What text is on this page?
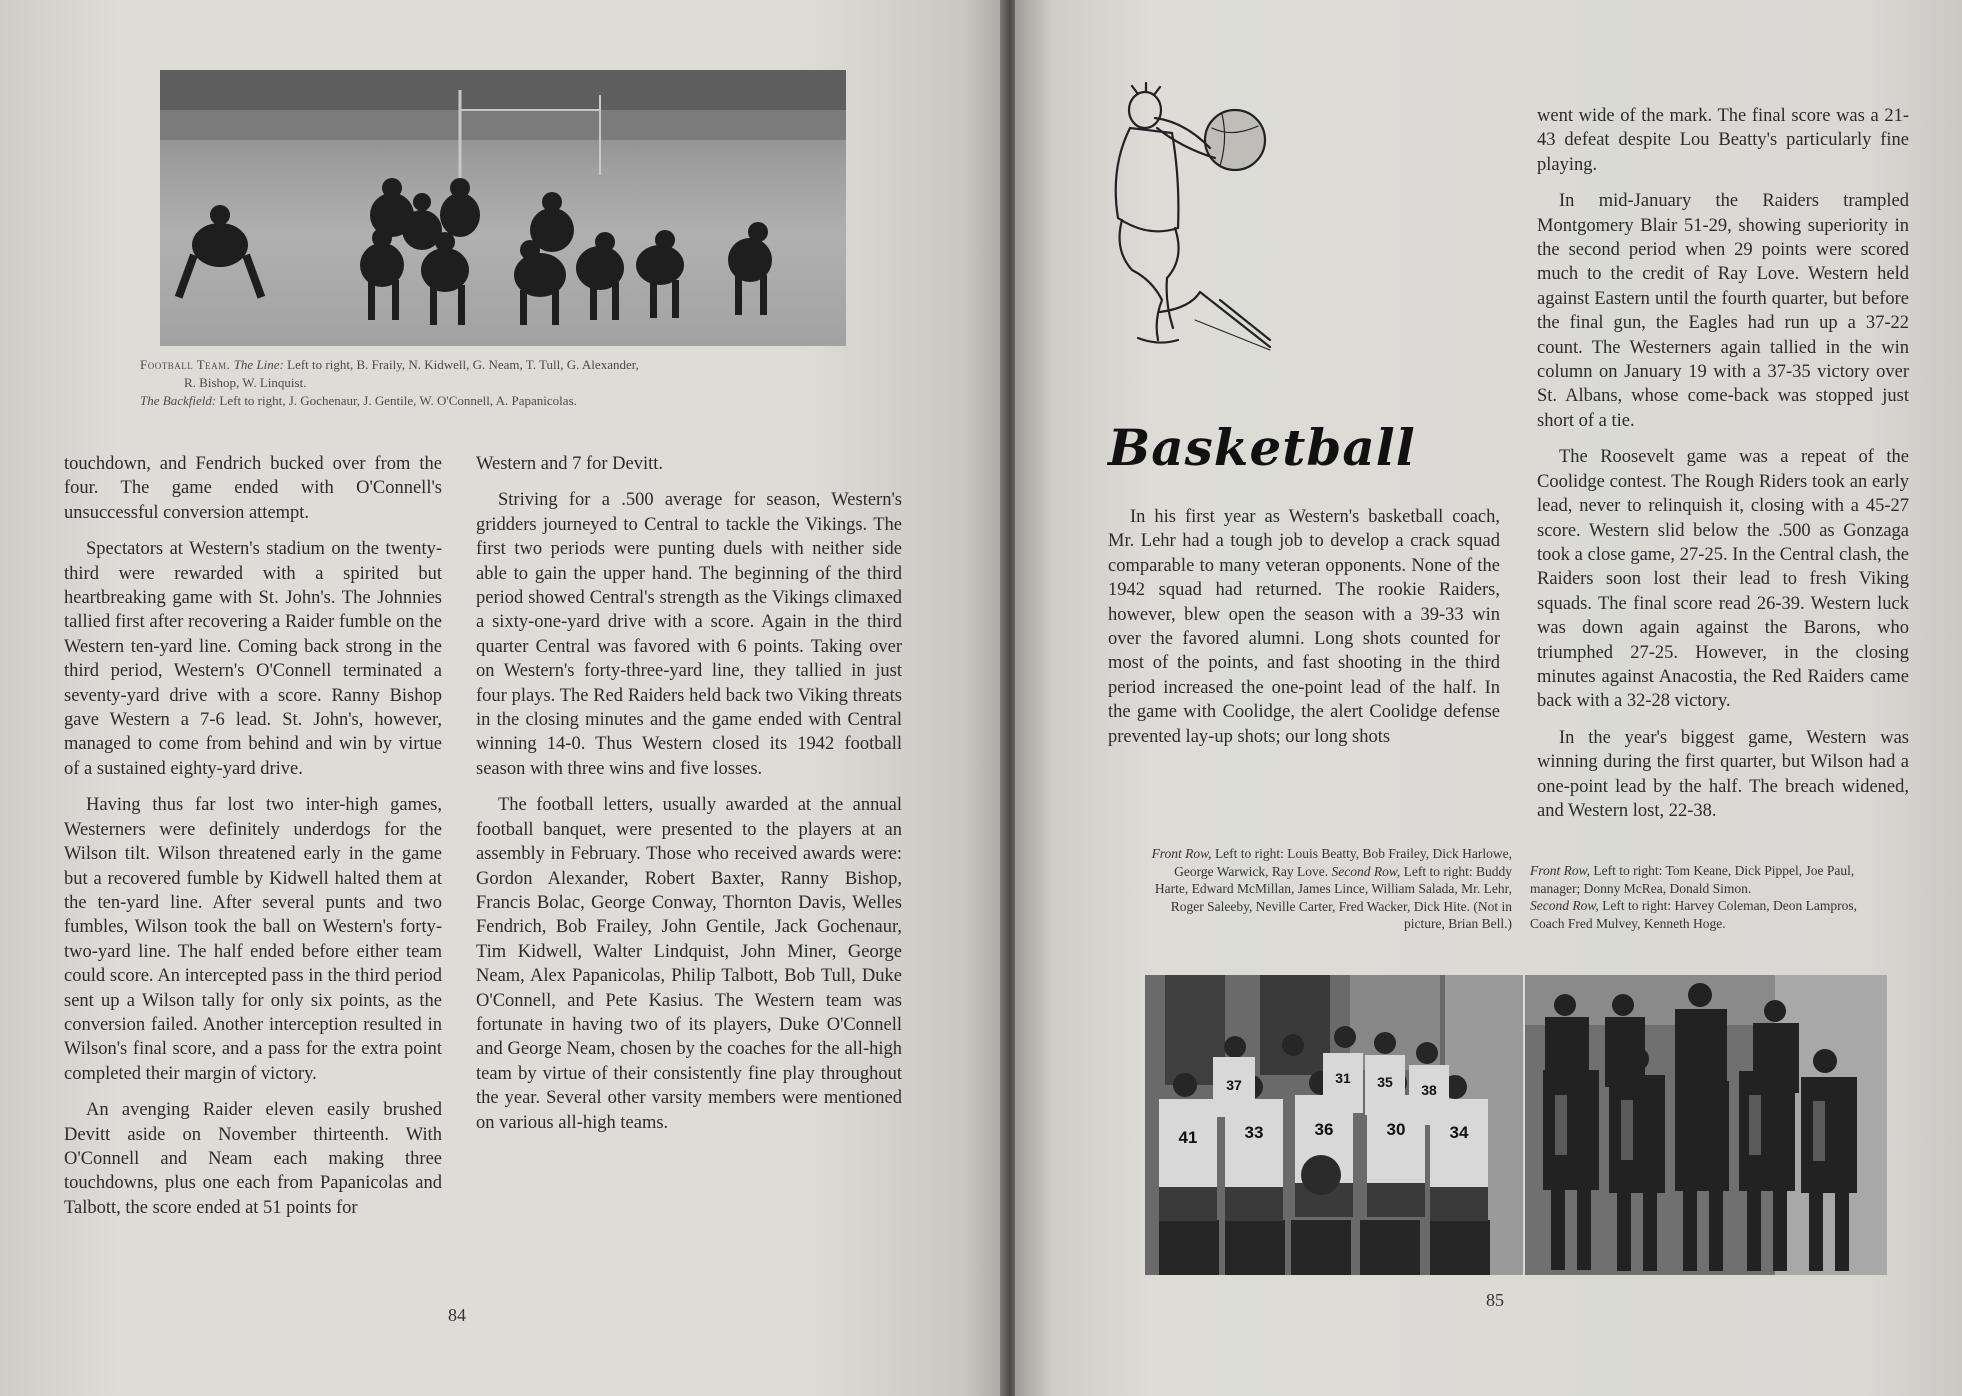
Football Team. The Line: Left to right, B. Fraily, N. Kidwell, G. Neam, T. Tull, G. Alexander,

R. Bishop, W. Linquist.

The Backfield: Left to right, J. Gochenaur, J. Gentile, W. O'Connell, A. Papanicolas.

touchdown, and Fendrich bucked over from the four. The game ended with O'Connell's unsuccessful conversion attempt.

Spectators at Western's stadium on the twenty-third were rewarded with a spirited but heartbreaking game with St. John's. The Johnnies tallied first after recovering a Raider fumble on the Western ten-yard line. Coming back strong in the third period, Western's O'Connell terminated a seventy-yard drive with a score. Ranny Bishop gave Western a 7-6 lead. St. John's, however, managed to come from behind and win by virtue of a sustained eighty-yard drive.

Having thus far lost two inter-high games, Westerners were definitely underdogs for the Wilson tilt. Wilson threatened early in the game but a recovered fumble by Kidwell halted them at the ten-yard line. After several punts and two fumbles, Wilson took the ball on Western's forty-two-yard line. The half ended before either team could score. An intercepted pass in the third period sent up a Wilson tally for only six points, as the conversion failed. Another interception resulted in Wilson's final score, and a pass for the extra point completed their margin of victory.

An avenging Raider eleven easily brushed Devitt aside on November thirteenth. With O'Connell and Neam each making three touchdowns, plus one each from Papanicolas and Talbott, the score ended at 51 points for

Western and 7 for Devitt.

Striving for a .500 average for season, Western's gridders journeyed to Central to tackle the Vikings. The first two periods were punting duels with neither side able to gain the upper hand. The beginning of the third period showed Central's strength as the Vikings climaxed a sixty-one-yard drive with a score. Again in the third quarter Central was favored with 6 points. Taking over on Western's forty-three-yard line, they tallied in just four plays. The Red Raiders held back two Viking threats in the closing minutes and the game ended with Central winning 14-0. Thus Western closed its 1942 football season with three wins and five losses.

The football letters, usually awarded at the annual football banquet, were presented to the players at an assembly in February. Those who received awards were: Gordon Alexander, Robert Baxter, Ranny Bishop, Francis Bolac, George Conway, Thornton Davis, Welles Fendrich, Bob Frailey, John Gentile, Jack Gochenaur, Tim Kidwell, Walter Lindquist, John Miner, George Neam, Alex Papanicolas, Philip Talbott, Bob Tull, Duke O'Connell, and Pete Kasius. The Western team was fortunate in having two of its players, Duke O'Connell and George Neam, chosen by the coaches for the all-high team by virtue of their consistently fine play throughout the year. Several other varsity members were mentioned on various all-high teams.

84
Basketball

In his first year as Western's basketball coach, Mr. Lehr had a tough job to develop a crack squad comparable to many veteran opponents. None of the 1942 squad had returned. The rookie Raiders, however, blew open the season with a 39-33 win over the favored alumni. Long shots counted for most of the points, and fast shooting in the third period increased the one-point lead of the half. In the game with Coolidge, the alert Coolidge defense prevented lay-up shots; our long shots

went wide of the mark. The final score was a 21-43 defeat despite Lou Beatty's particularly fine playing.

In mid-January the Raiders trampled Montgomery Blair 51-29, showing superiority in the second period when 29 points were scored much to the credit of Ray Love. Western held against Eastern until the fourth quarter, but before the final gun, the Eagles had run up a 37-22 count. The Westerners again tallied in the win column on January 19 with a 37-35 victory over St. Albans, whose come-back was stopped just short of a tie.

The Roosevelt game was a repeat of the Coolidge contest. The Rough Riders took an early lead, never to relinquish it, closing with a 45-27 score. Western slid below the .500 as Gonzaga took a close game, 27-25. In the Central clash, the Raiders soon lost their lead to fresh Viking squads. The final score read 26-39. Western luck was down again against the Barons, who triumphed 27-25. However, in the closing minutes against Anacostia, the Red Raiders came back with a 32-28 victory.

In the year's biggest game, Western was winning during the first quarter, but Wilson had a one-point lead by the half. The breach widened, and Western lost, 22-38.

Front Row, Left to right: Louis Beatty, Bob Frailey, Dick Harlowe, George Warwick, Ray Love. Second Row, Left to right: Buddy Harte, Edward McMillan, James Lince, William Salada, Mr. Lehr, Roger Saleeby, Neville Carter, Fred Wacker, Dick Hite. (Not in picture, Brian Bell.)
Front Row, Left to right: Tom Keane, Dick Pippel, Joe Paul, manager; Donny McRea, Donald Simon.
Second Row, Left to right: Harvey Coleman, Deon Lampros, Coach Fred Mulvey, Kenneth Hoge.
41	33	36	30	34
37	31 35 38
85
